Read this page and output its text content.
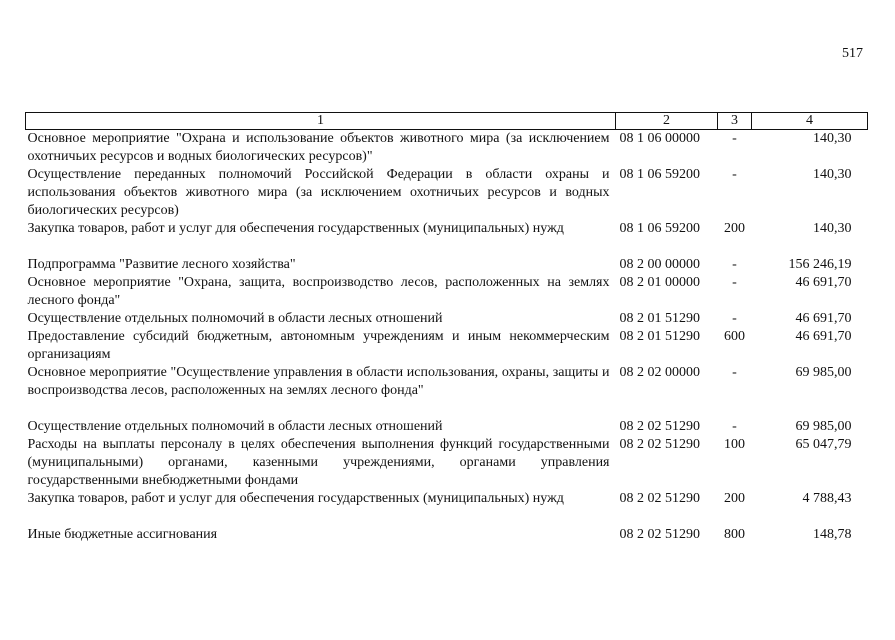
517
1	2	3	4
Основное мероприятие "Охрана и использование объектов животного мира (за исключением охотничьих ресурсов и водных биологических ресурсов)"	08 1 06 00000	-	140,30
Осуществление переданных полномочий Российской Федерации в области охраны и использования объектов животного мира (за исключением охотничьих ресурсов и водных биологических ресурсов)	08 1 06 59200	-	140,30
Закупка товаров, работ и услуг для обеспечения государственных (муниципальных) нужд	08 1 06 59200	200	140,30
Подпрограмма "Развитие лесного хозяйства"	08 2 00 00000	-	156 246,19
Основное мероприятие "Охрана, защита, воспроизводство лесов, расположенных на землях лесного фонда"	08 2 01 00000	-	46 691,70
Осуществление отдельных полномочий в области лесных отношений	08 2 01 51290	-	46 691,70
Предоставление субсидий бюджетным, автономным учреждениям и иным некоммерческим организациям	08 2 01 51290	600	46 691,70
Основное мероприятие "Осуществление управления в области использования, охраны, защиты и воспроизводства лесов, расположенных на землях лесного фонда"	08 2 02 00000	-	69 985,00
Осуществление отдельных полномочий в области лесных отношений	08 2 02 51290	-	69 985,00
Расходы на выплаты персоналу в целях обеспечения выполнения функций государственными (муниципальными) органами, казенными учреждениями, органами управления государственными внебюджетными фондами	08 2 02 51290	100	65 047,79
Закупка товаров, работ и услуг для обеспечения государственных (муниципальных) нужд	08 2 02 51290	200	4 788,43
Иные бюджетные ассигнования	08 2 02 51290	800	148,78
